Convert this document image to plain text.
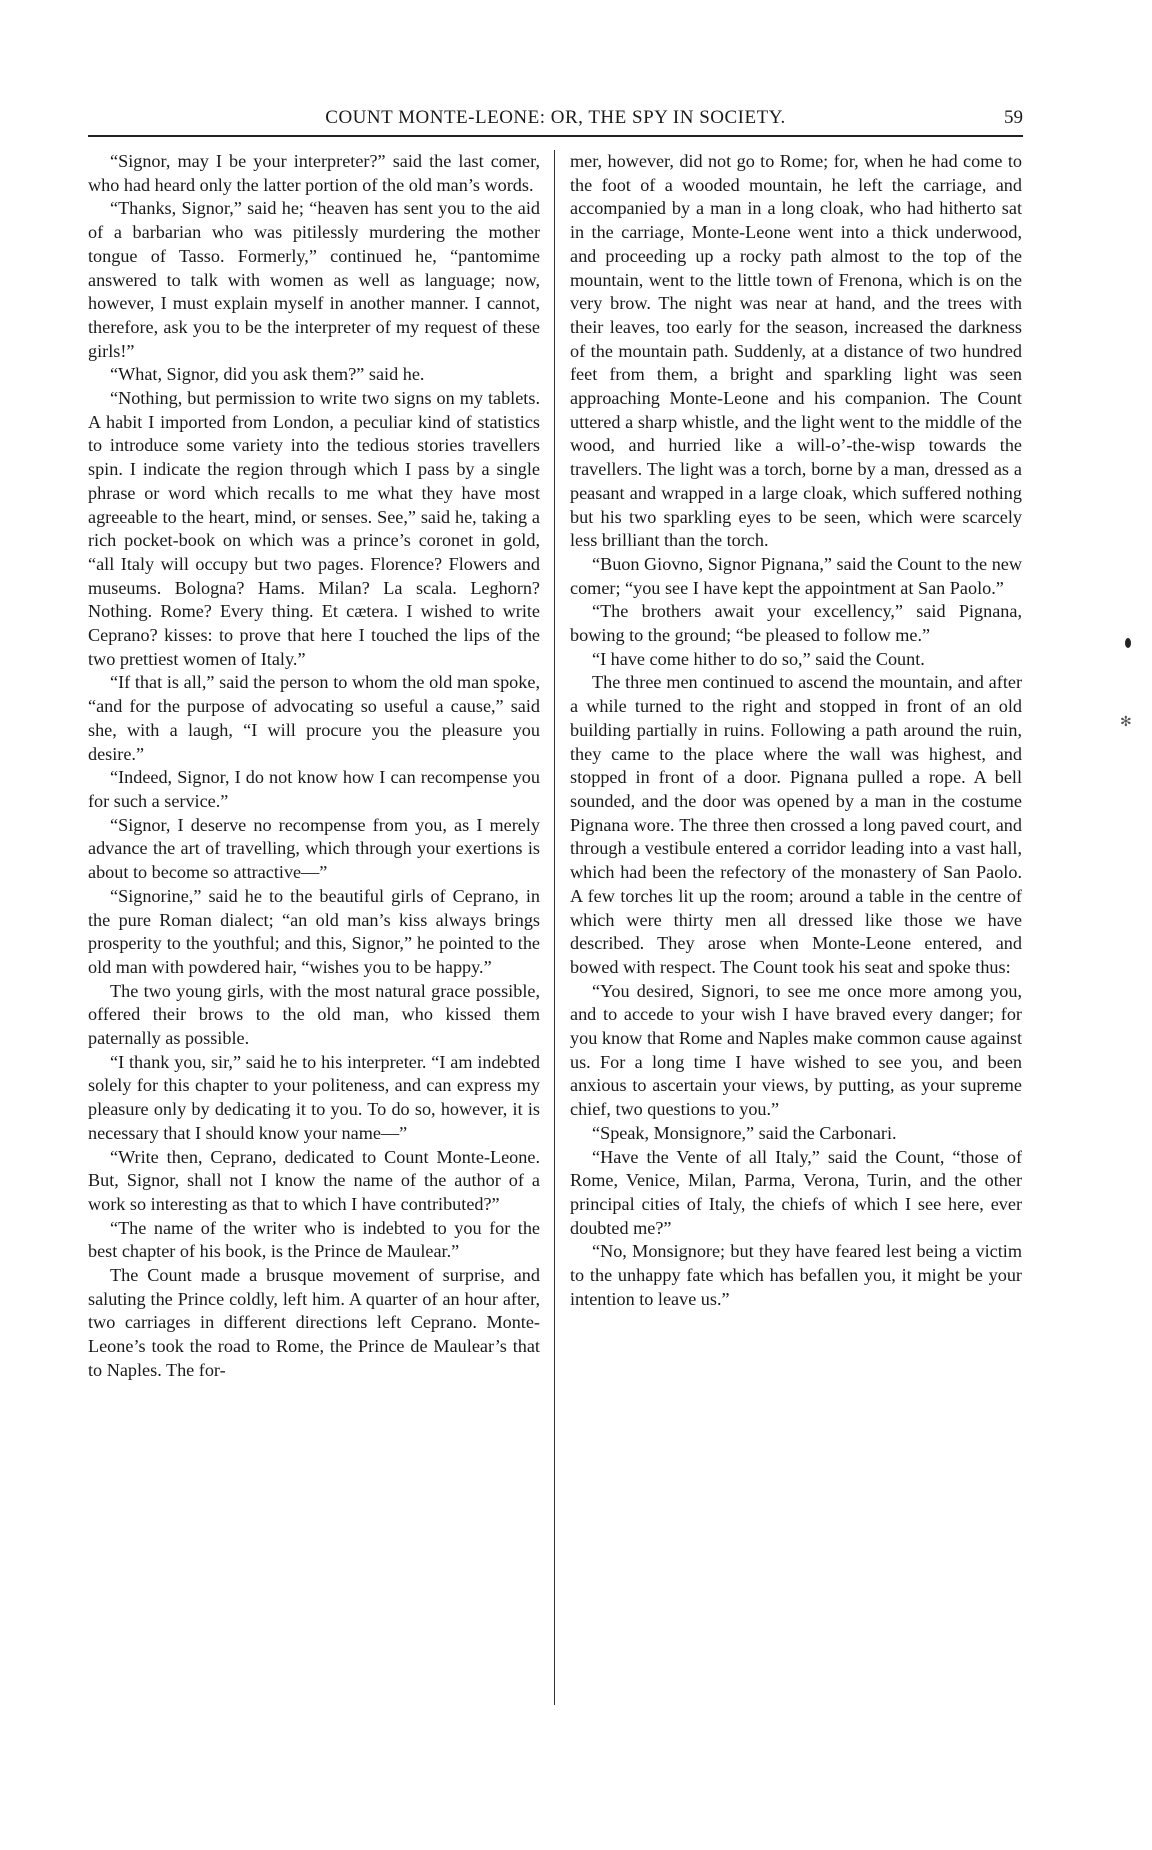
COUNT MONTE-LEONE: OR, THE SPY IN SOCIETY.	59

“Signor, may I be your interpreter?” said the last comer, who had heard only the latter portion of the old man’s words.

“Thanks, Signor,” said he; “heaven has sent you to the aid of a barbarian who was pitilessly murdering the mother tongue of Tasso. Formerly,” continued he, “pantomime answered to talk with women as well as language; now, however, I must explain myself in another manner. I cannot, therefore, ask you to be the interpreter of my request of these girls!”

“What, Signor, did you ask them?” said he.

“Nothing, but permission to write two signs on my tablets. A habit I imported from London, a peculiar kind of statistics to introduce some variety into the tedious stories travellers spin. I indicate the region through which I pass by a single phrase or word which recalls to me what they have most agreeable to the heart, mind, or senses. See,” said he, taking a rich pocket-book on which was a prince’s coronet in gold, “all Italy will occupy but two pages. Florence? Flowers and museums. Bologna? Hams. Milan? La scala. Leghorn? Nothing. Rome? Every thing. Et cætera. I wished to write Ceprano? kisses: to prove that here I touched the lips of the two prettiest women of Italy.”

“If that is all,” said the person to whom the old man spoke, “and for the purpose of advocating so useful a cause,” said she, with a laugh, “I will procure you the pleasure you desire.”

“Indeed, Signor, I do not know how I can recompense you for such a service.”

“Signor, I deserve no recompense from you, as I merely advance the art of travelling, which through your exertions is about to become so attractive—”

“Signorine,” said he to the beautiful girls of Ceprano, in the pure Roman dialect; “an old man’s kiss always brings prosperity to the youthful; and this, Signor,” he pointed to the old man with powdered hair, “wishes you to be happy.”

The two young girls, with the most natural grace possible, offered their brows to the old man, who kissed them paternally as possible.

“I thank you, sir,” said he to his interpreter. “I am indebted solely for this chapter to your politeness, and can express my pleasure only by dedicating it to you. To do so, however, it is necessary that I should know your name—”

“Write then, Ceprano, dedicated to Count Monte-Leone. But, Signor, shall not I know the name of the author of a work so interesting as that to which I have contributed?”

“The name of the writer who is indebted to you for the best chapter of his book, is the Prince de Maulear.”

The Count made a brusque movement of surprise, and saluting the Prince coldly, left him. A quarter of an hour after, two carriages in different directions left Ceprano. Monte-Leone’s took the road to Rome, the Prince de Maulear’s that to Naples. The for-

mer, however, did not go to Rome; for, when he had come to the foot of a wooded mountain, he left the carriage, and accompanied by a man in a long cloak, who had hitherto sat in the carriage, Monte-Leone went into a thick underwood, and proceeding up a rocky path almost to the top of the mountain, went to the little town of Frenona, which is on the very brow. The night was near at hand, and the trees with their leaves, too early for the season, increased the darkness of the mountain path. Suddenly, at a distance of two hundred feet from them, a bright and sparkling light was seen approaching Monte-Leone and his companion. The Count uttered a sharp whistle, and the light went to the middle of the wood, and hurried like a will-o’-the-wisp towards the travellers. The light was a torch, borne by a man, dressed as a peasant and wrapped in a large cloak, which suffered nothing but his two sparkling eyes to be seen, which were scarcely less brilliant than the torch.

“Buon Giovno, Signor Pignana,” said the Count to the new comer; “you see I have kept the appointment at San Paolo.”

“The brothers await your excellency,” said Pignana, bowing to the ground; “be pleased to follow me.”

“I have come hither to do so,” said the Count.

The three men continued to ascend the mountain, and after a while turned to the right and stopped in front of an old building partially in ruins. Following a path around the ruin, they came to the place where the wall was highest, and stopped in front of a door. Pignana pulled a rope. A bell sounded, and the door was opened by a man in the costume Pignana wore. The three then crossed a long paved court, and through a vestibule entered a corridor leading into a vast hall, which had been the refectory of the monastery of San Paolo. A few torches lit up the room; around a table in the centre of which were thirty men all dressed like those we have described. They arose when Monte-Leone entered, and bowed with respect. The Count took his seat and spoke thus:

“You desired, Signori, to see me once more among you, and to accede to your wish I have braved every danger; for you know that Rome and Naples make common cause against us. For a long time I have wished to see you, and been anxious to ascertain your views, by putting, as your supreme chief, two questions to you.”

“Speak, Monsignore,” said the Carbonari.

“Have the Vente of all Italy,” said the Count, “those of Rome, Venice, Milan, Parma, Verona, Turin, and the other principal cities of Italy, the chiefs of which I see here, ever doubted me?”

“No, Monsignore; but they have feared lest being a victim to the unhappy fate which has befallen you, it might be your intention to leave us.”

✻
